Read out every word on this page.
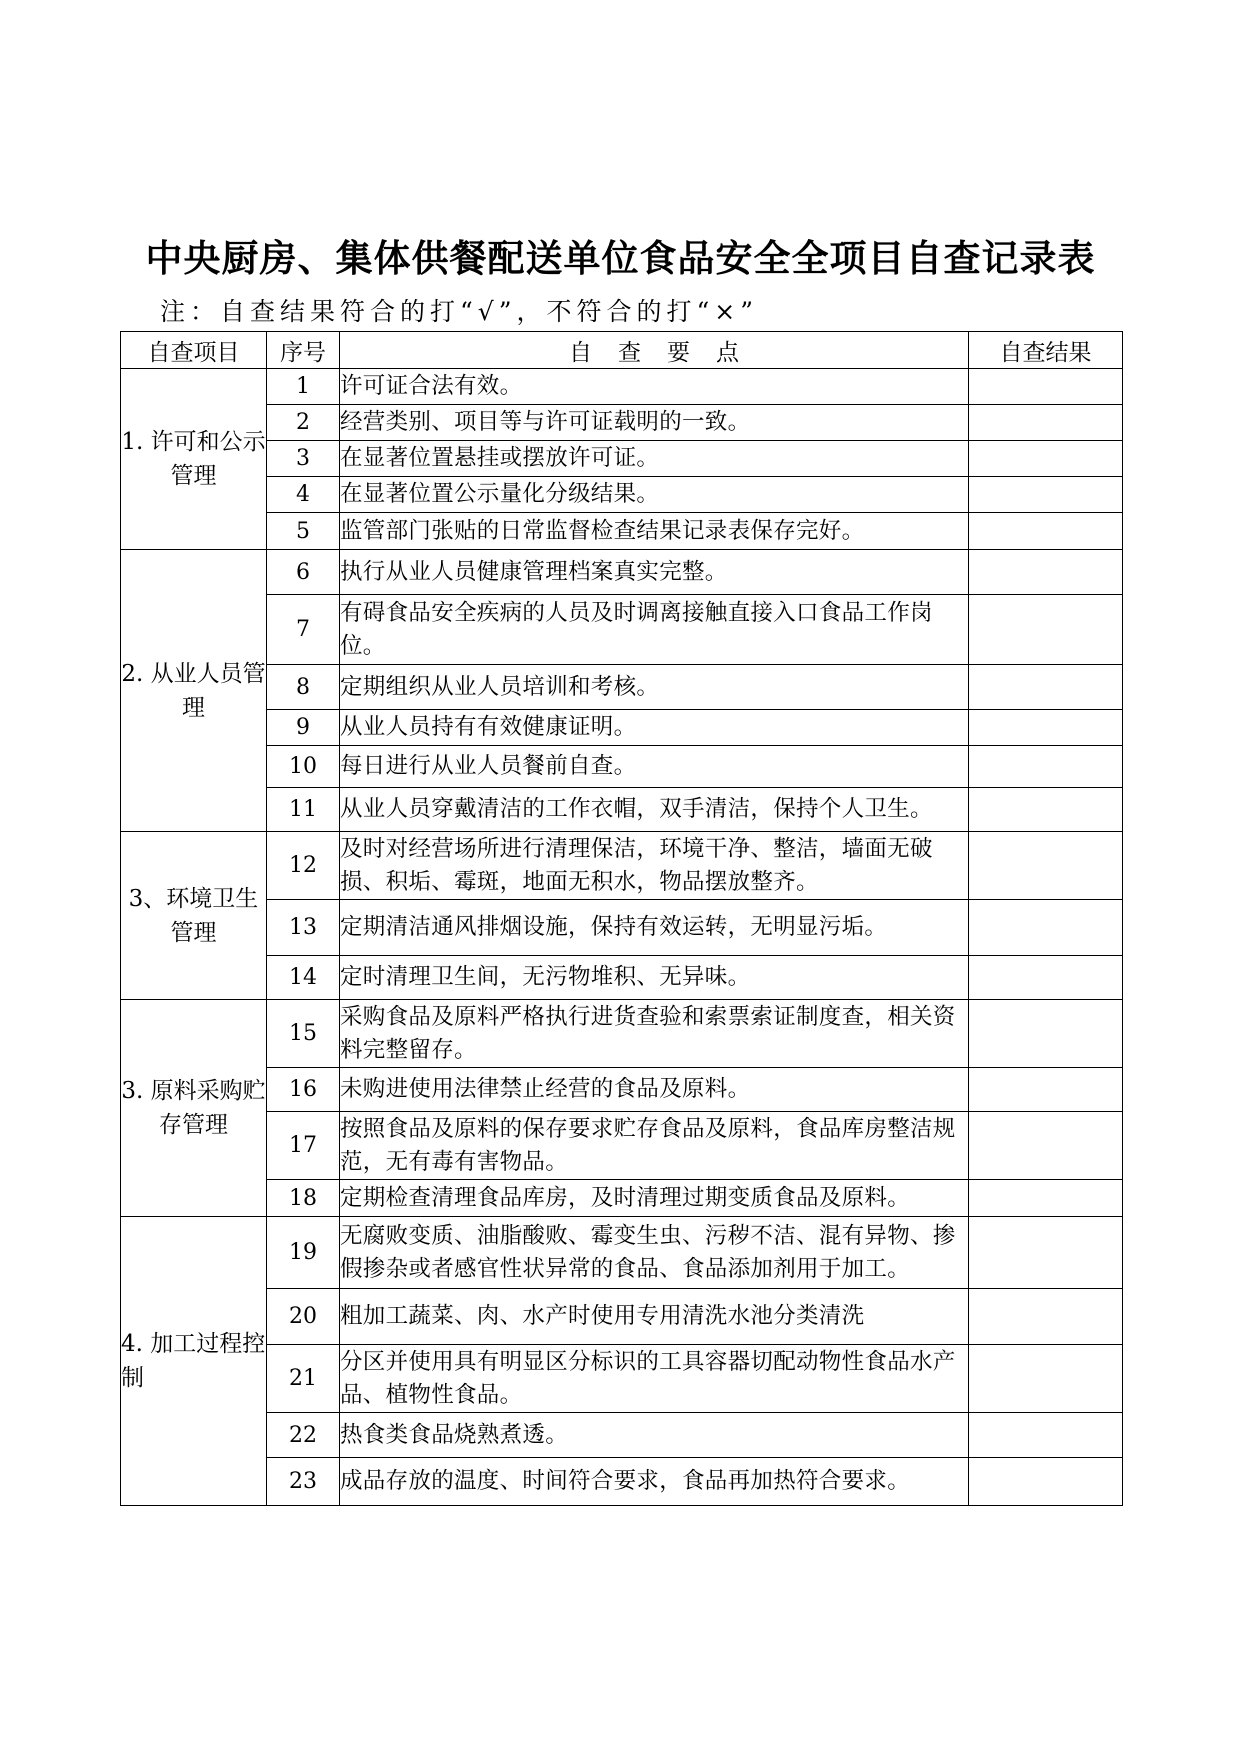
中央厨房、集体供餐配送单位食品安全全项目自查记录表
注：自查结果符合的打“√”，不符合的打“×”
自查项目	序号	自查要点	自查结果
1. 许可和公示管理	1	许可证合法有效。	
	2	经营类别、项目等与许可证载明的一致。	
	3	在显著位置悬挂或摆放许可证。	
	4	在显著位置公示量化分级结果。	
	5	监管部门张贴的日常监督检查结果记录表保存完好。	
2. 从业人员管理	6	执行从业人员健康管理档案真实完整。	
	7	有碍食品安全疾病的人员及时调离接触直接入口食品工作岗位。	
	8	定期组织从业人员培训和考核。	
	9	从业人员持有有效健康证明。	
	10	每日进行从业人员餐前自查。	
	11	从业人员穿戴清洁的工作衣帽，双手清洁，保持个人卫生。	
3、环境卫生管理	12	及时对经营场所进行清理保洁，环境干净、整洁，墙面无破损、积垢、霉斑，地面无积水，物品摆放整齐。	
	13	定期清洁通风排烟设施，保持有效运转，无明显污垢。	
	14	定时清理卫生间，无污物堆积、无异味。	
3. 原料采购贮存管理	15	采购食品及原料严格执行进货查验和索票索证制度查，相关资料完整留存。	
	16	未购进使用法律禁止经营的食品及原料。	
	17	按照食品及原料的保存要求贮存食品及原料，食品库房整洁规范，无有毒有害物品。	
	18	定期检查清理食品库房，及时清理过期变质食品及原料。	
4. 加工过程控制	19	无腐败变质、油脂酸败、霉变生虫、污秽不洁、混有异物、掺假掺杂或者感官性状异常的食品、食品添加剂用于加工。	
	20	粗加工蔬菜、肉、水产时使用专用清洗水池分类清洗	
	21	分区并使用具有明显区分标识的工具容器切配动物性食品水产品、植物性食品。	
	22	热食类食品烧熟煮透。	
	23	成品存放的温度、时间符合要求，食品再加热符合要求。	
